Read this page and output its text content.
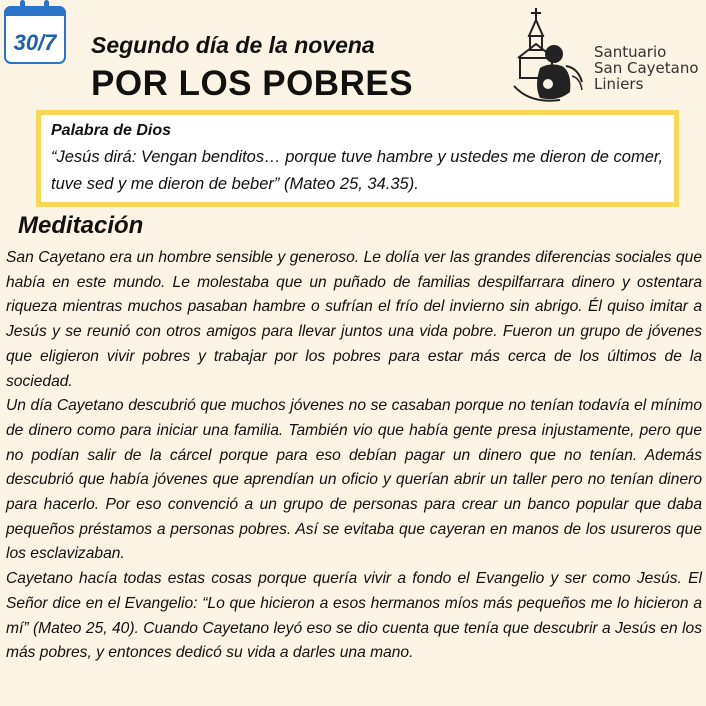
30/7	Segundo día de la novena
POR LOS POBRES
Santuario
San Cayetano
Liniers

Palabra de Dios

“Jesús dirá: Vengan benditos… porque tuve hambre y ustedes me dieron de comer, tuve sed y me dieron de beber” (Mateo 25, 34.35).

Meditación

San Cayetano era un hombre sensible y generoso. Le dolía ver las grandes diferencias sociales que había en este mundo. Le molestaba que un puñado de familias despilfarrara dinero y ostentara riqueza mientras muchos pasaban hambre o sufrían el frío del invierno sin abrigo. Él quiso imitar a Jesús y se reunió con otros amigos para llevar juntos una vida pobre. Fueron un grupo de jóvenes que eligieron vivir pobres y trabajar por los pobres para estar más cerca de los últimos de la sociedad.

Un día Cayetano descubrió que muchos jóvenes no se casaban porque no tenían todavía el mínimo de dinero como para iniciar una familia. También vio que había gente presa injustamente, pero que no podían salir de la cárcel porque para eso debían pagar un dinero que no tenían. Además descubrió que había jóvenes que aprendían un oficio y querían abrir un taller pero no tenían dinero para hacerlo. Por eso convenció a un grupo de personas para crear un banco popular que daba pequeños préstamos a personas pobres. Así se evitaba que cayeran en manos de los usureros que los esclavizaban.

Cayetano hacía todas estas cosas porque quería vivir a fondo el Evangelio y ser como Jesús. El Señor dice en el Evangelio: “Lo que hicieron a esos hermanos míos más pequeños me lo hicieron a mí” (Mateo 25, 40). Cuando Cayetano leyó eso se dio cuenta que tenía que descubrir a Jesús en los más pobres, y entonces dedicó su vida a darles una mano.
